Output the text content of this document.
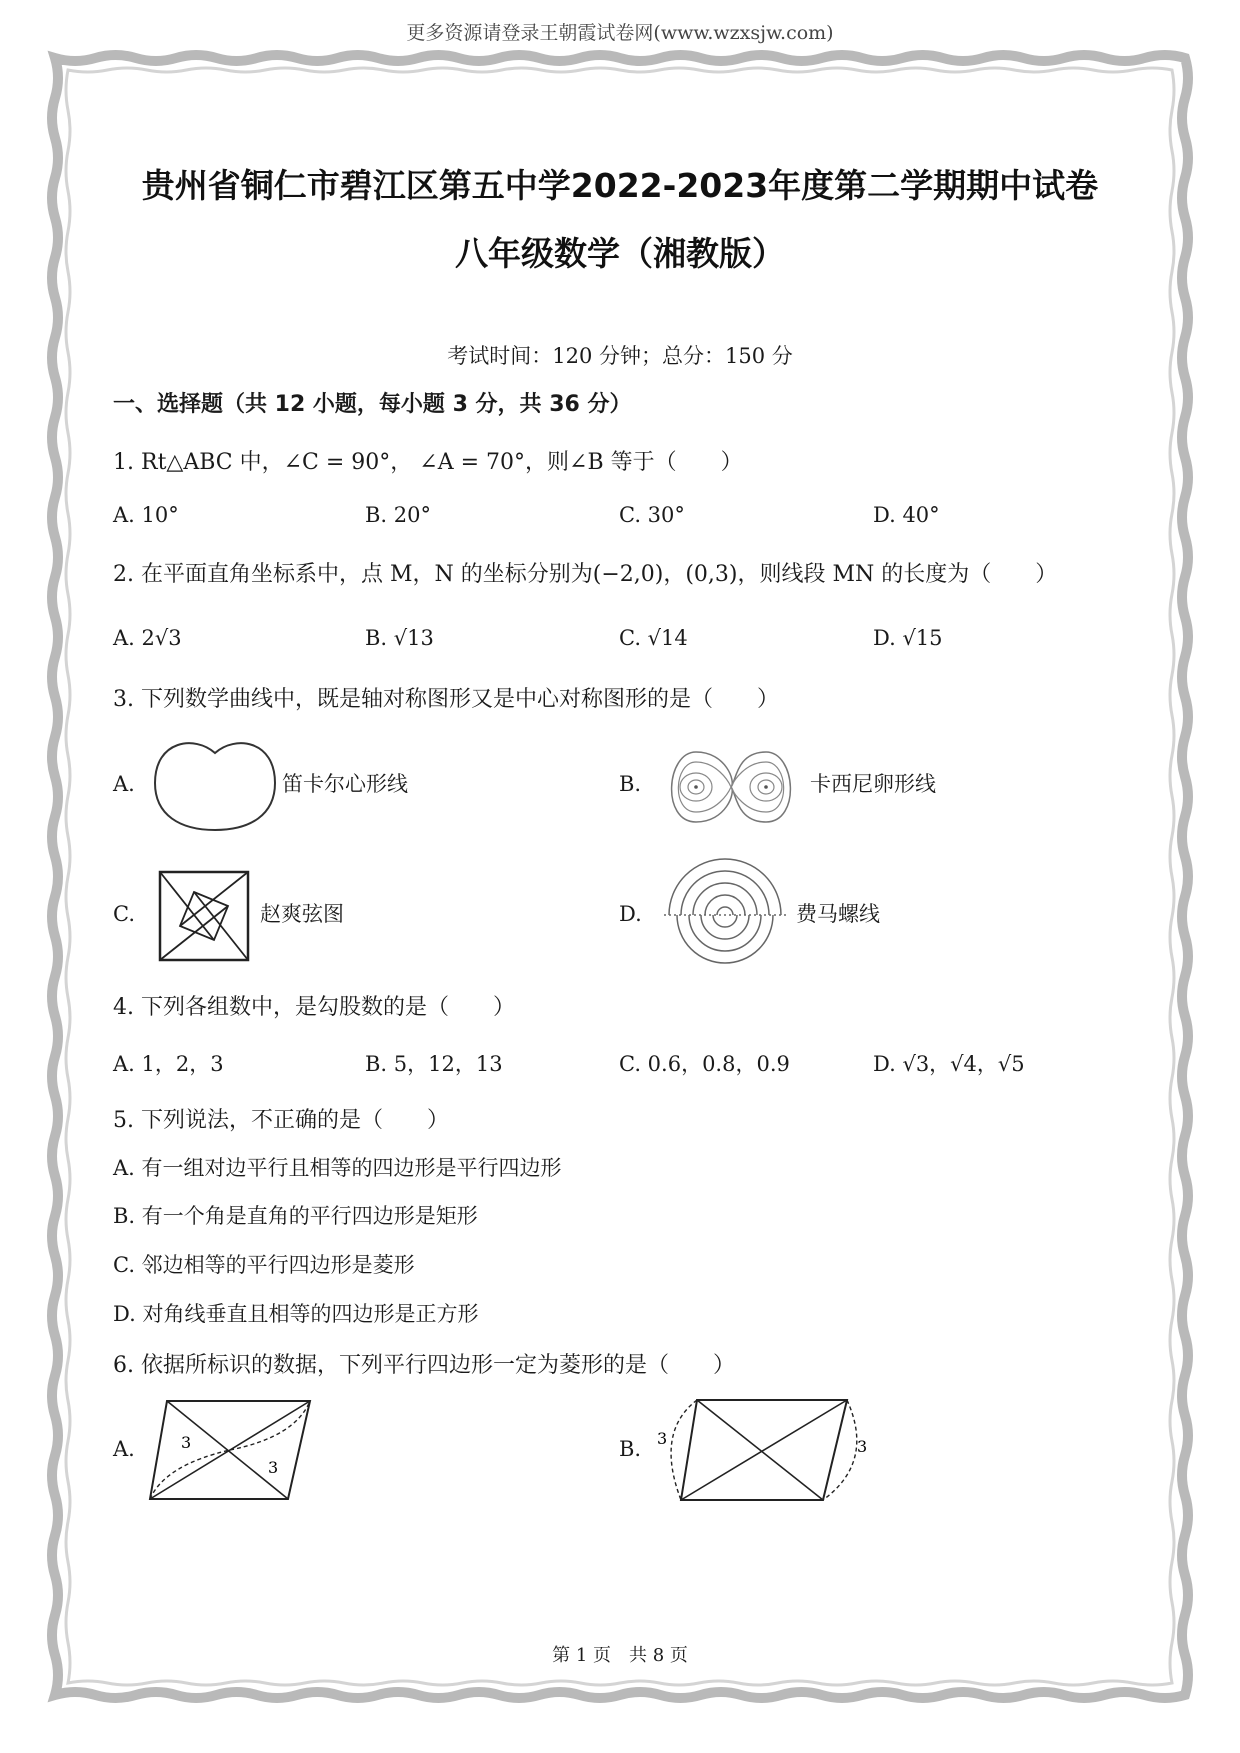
更多资源请登录王朝霞试卷网(www.wzxsjw.com)
贵州省铜仁市碧江区第五中学2022-2023年度第二学期期中试卷
八年级数学（湘教版）
考试时间：120 分钟；总分：150 分
一、选择题（共 12 小题，每小题 3 分，共 36 分）
1. Rt△ABC 中，∠C = 90°， ∠A = 70°，则∠B 等于（　　）
A. 10°	B. 20°	C. 30°	D. 40°
2. 在平面直角坐标系中，点 M，N 的坐标分别为(−2,0)，(0,3)，则线段 MN 的长度为（　　）
A. 2√3	B. √13	C. √14	D. √15
3. 下列数学曲线中，既是轴对称图形又是中心对称图形的是（　　）
A.	笛卡尔心形线	B.	卡西尼卵形线
C.	赵爽弦图	D.	费马螺线
4. 下列各组数中，是勾股数的是（　　）
A. 1，2，3	B. 5，12，13	C. 0.6，0.8，0.9	D. √3，√4，√5
5. 下列说法，不正确的是（　　）
A. 有一组对边平行且相等的四边形是平行四边形
B. 有一个角是直角的平行四边形是矩形
C. 邻边相等的平行四边形是菱形
D. 对角线垂直且相等的四边形是正方形
6. 依据所标识的数据，下列平行四边形一定为菱形的是（　　）
A.	3
3
B. 3	3
第 1 页　共 8 页
